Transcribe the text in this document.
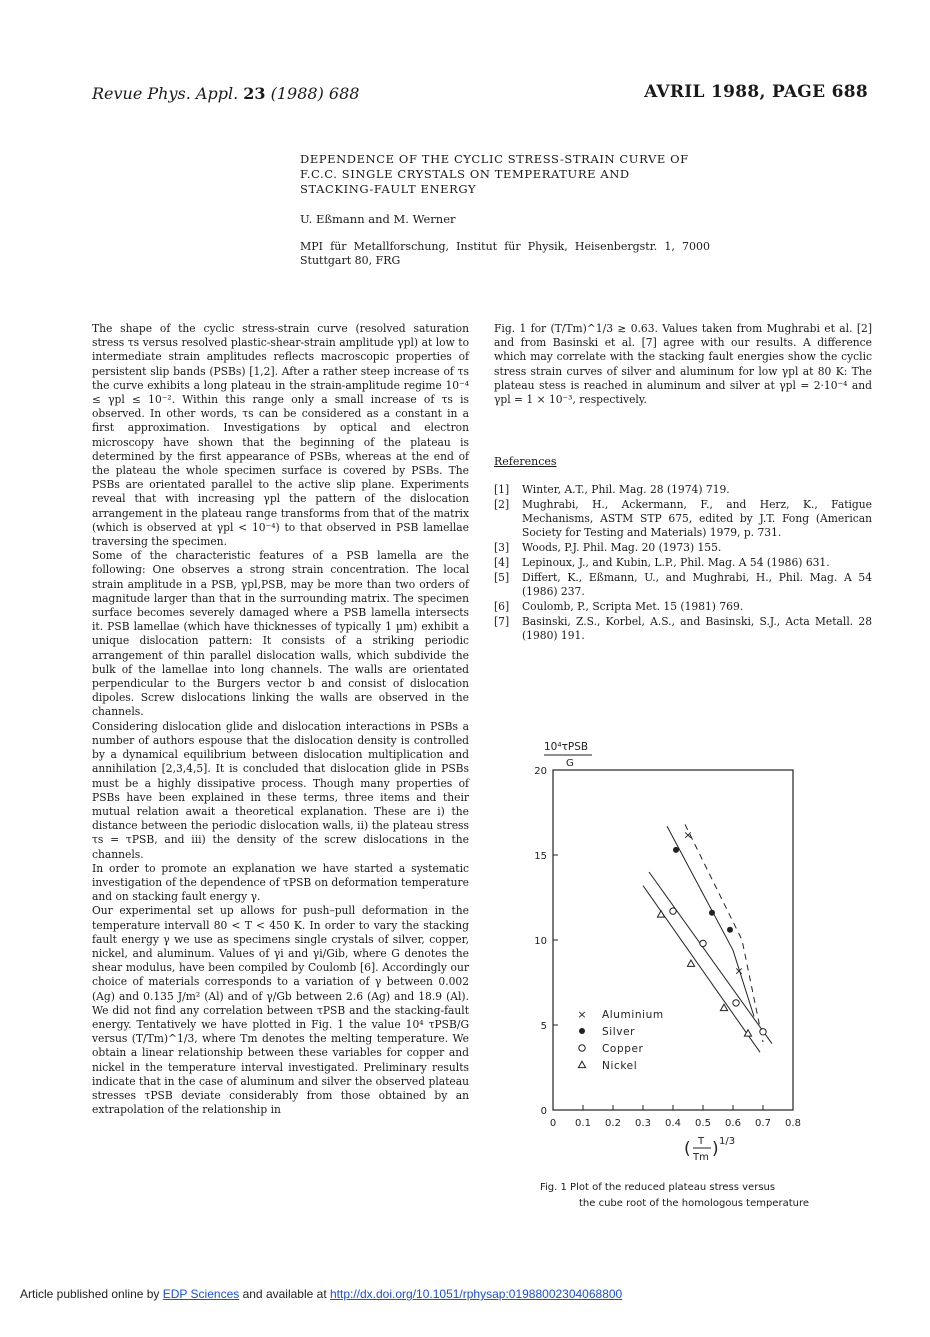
Revue Phys. Appl. 23 (1988) 688	AVRIL 1988, PAGE 688
DEPENDENCE OF THE CYCLIC STRESS-STRAIN CURVE OF F.C.C. SINGLE CRYSTALS ON TEMPERATURE AND STACKING-FAULT ENERGY
U. Eßmann and M. Werner
MPI für Metallforschung, Institut für Physik, Heisenbergstr. 1, 7000 Stuttgart 80, FRG

The shape of the cyclic stress-strain curve (resolved saturation stress τs versus resolved plastic-shear-strain amplitude γpl) at low to intermediate strain amplitudes reflects macroscopic properties of persistent slip bands (PSBs) [1,2]. After a rather steep increase of τs the curve exhibits a long plateau in the strain-amplitude regime 10⁻⁴ ≤ γpl ≤ 10⁻². Within this range only a small increase of τs is observed. In other words, τs can be considered as a constant in a first approximation. Investigations by optical and electron microscopy have shown that the beginning of the plateau is determined by the first appearance of PSBs, whereas at the end of the plateau the whole specimen surface is covered by PSBs. The PSBs are orientated parallel to the active slip plane. Experiments reveal that with increasing γpl the pattern of the dislocation arrangement in the plateau range transforms from that of the matrix (which is observed at γpl < 10⁻⁴) to that observed in PSB lamellae traversing the specimen.

Some of the characteristic features of a PSB lamella are the following: One observes a strong strain concentration. The local strain amplitude in a PSB, γpl,PSB, may be more than two orders of magnitude larger than that in the surrounding matrix. The specimen surface becomes severely damaged where a PSB lamella intersects it. PSB lamellae (which have thicknesses of typically 1 µm) exhibit a unique dislocation pattern: It consists of a striking periodic arrangement of thin parallel dislocation walls, which subdivide the bulk of the lamellae into long channels. The walls are orientated perpendicular to the Burgers vector b and consist of dislocation dipoles. Screw dislocations linking the walls are observed in the channels.

Considering dislocation glide and dislocation interactions in PSBs a number of authors espouse that the dislocation density is controlled by a dynamical equilibrium between dislocation multiplication and annihilation [2,3,4,5]. It is concluded that dislocation glide in PSBs must be a highly dissipative process. Though many properties of PSBs have been explained in these terms, three items and their mutual relation await a theoretical explanation. These are i) the distance between the periodic dislocation walls, ii) the plateau stress τs = τPSB, and iii) the density of the screw dislocations in the channels.

In order to promote an explanation we have started a systematic investigation of the dependence of τPSB on deformation temperature and on stacking fault energy γ.

Our experimental set up allows for push–pull deformation in the temperature intervall 80 < T < 450 K. In order to vary the stacking fault energy γ we use as specimens single crystals of silver, copper, nickel, and aluminum. Values of γi and γi/Gib, where G denotes the shear modulus, have been compiled by Coulomb [6]. Accordingly our choice of materials corresponds to a variation of γ between 0.002 (Ag) and 0.135 J/m² (Al) and of γ/Gb between 2.6 (Ag) and 18.9 (Al). We did not find any correlation between τPSB and the stacking-fault energy. Tentatively we have plotted in Fig. 1 the value 10⁴ τPSB/G versus (T/Tm)^1/3, where Tm denotes the melting temperature. We obtain a linear relationship between these variables for copper and nickel in the temperature interval investigated. Preliminary results indicate that in the case of aluminum and silver the observed plateau stresses τPSB deviate considerably from those obtained by an extrapolation of the relationship in

Fig. 1 for (T/Tm)^1/3 ≳ 0.63. Values taken from Mughrabi et al. [2] and from Basinski et al. [7] agree with our results. A difference which may correlate with the stacking fault energies show the cyclic stress strain curves of silver and aluminum for low γpl at 80 K: The plateau stess is reached in aluminum and silver at γpl = 2·10⁻⁴ and γpl = 1 × 10⁻³, respectively.

References
[1]	Winter, A.T., Phil. Mag. 28 (1974) 719.
[2]	Mughrabi, H., Ackermann, F., and Herz, K., Fatigue Mechanisms, ASTM STP 675, edited by J.T. Fong (American Society for Testing and Materials) 1979, p. 731.
[3]	Woods, P.J. Phil. Mag. 20 (1973) 155.
[4]	Lepinoux, J., and Kubin, L.P., Phil. Mag. A 54 (1986) 631.
[5]	Differt, K., Eßmann, U., and Mughrabi, H., Phil. Mag. A 54 (1986) 237.
[6]	Coulomb, P., Scripta Met. 15 (1981) 769.
[7]	Basinski, Z.S., Korbel, A.S., and Basinski, S.J., Acta Metall. 28 (1980) 191.
0 0.1 0.2 0.3 0.4 0.5 0.6 0.7 0.8
0
5
10
15
20
×
×
× Aluminium
Silver
Copper
Nickel
10⁴τPSB
G
( T
Tm ) 1/3
Fig. 1 Plot of the reduced plateau stress versus
the cube root of the homologous temperature
Article published online by EDP Sciences and available at http://dx.doi.org/10.1051/rphysap:01988002304068800
